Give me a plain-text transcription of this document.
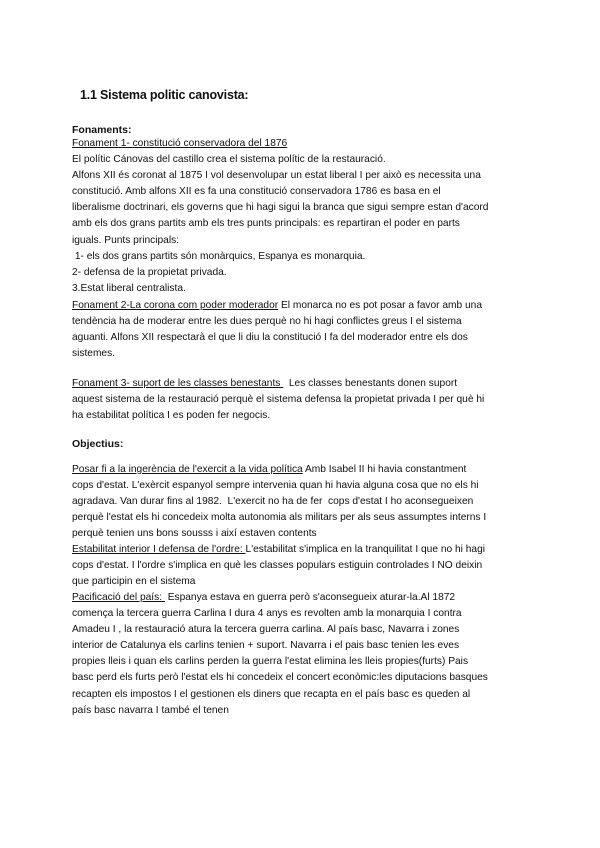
1.1 Sistema politic canovista:
Fonaments:
Fonament 1- constitució conservadora del 1876
El polític Cánovas del castillo crea el sistema polític de la restauració.
Alfons XII és coronat al 1875 I vol desenvolupar un estat liberal I per això es necessita una
constitució. Amb alfons XII es fa una constitució conservadora 1786 es basa en el
liberalisme doctrinari, els governs que hi hagi sigui la branca que sigui sempre estan d'acord
amb els dos grans partits amb els tres punts principals: es repartiran el poder en parts
iguals. Punts principals:
1- els dos grans partits són monàrquics, Espanya es monarquia.
2- defensa de la propietat privada.
3.Estat liberal centralista.
Fonament 2-La corona com poder moderador El monarca no es pot posar a favor amb una
tendència ha de moderar entre les dues perquè no hi hagi conflictes greus I el sistema
aguanti. Alfons XII respectarà el que li diu la constitució I fa del moderador entre els dos
sistemes.
Fonament 3- suport de les classes benestants   Les classes benestants donen suport
aquest sistema de la restauració perquè el sistema defensa la propietat privada I per què hi
ha estabilitat política I es poden fer negocis.
Objectius:
Posar fi a la ingerència de l'exercit a la vida política Amb Isabel II hi havia constantment
cops d'estat. L'exèrcit espanyol sempre intervenia quan hi havia alguna cosa que no els hi
agradava. Van durar fins al 1982.  L'exercit no ha de fer  cops d'estat I ho aconsegueixen
perquè l'estat els hi concedeix molta autonomia als militars per als seus assumptes interns I
perquè tenien uns bons sousss i així estaven contents
Estabilitat interior I defensa de l'ordre: L'estabilitat s'implica en la tranquilitat I que no hi hagi
cops d'estat. I l'ordre s'implica en què les classes populars estiguin controlades I NO deixin
que participin en el sistema
Pacificació del país:  Espanya estava en guerra però s'aconsegueix aturar-la.Al 1872
comença la tercera guerra Carlina I dura 4 anys es revolten amb la monarquia I contra
Amadeu I , la restauració atura la tercera guerra carlina. Al país basc, Navarra i zones
interior de Catalunya els carlins tenien + suport. Navarra i el pais basc tenien les eves
propies lleis i quan els carlins perden la guerra l'estat elimina les lleis propies(furts) Pais
basc perd els furts però l'estat els hi concedeix el concert econòmic:les diputacions basques
recapten els impostos I el gestionen els diners que recapta en el país basc es queden al
país basc navarra I també el tenen
